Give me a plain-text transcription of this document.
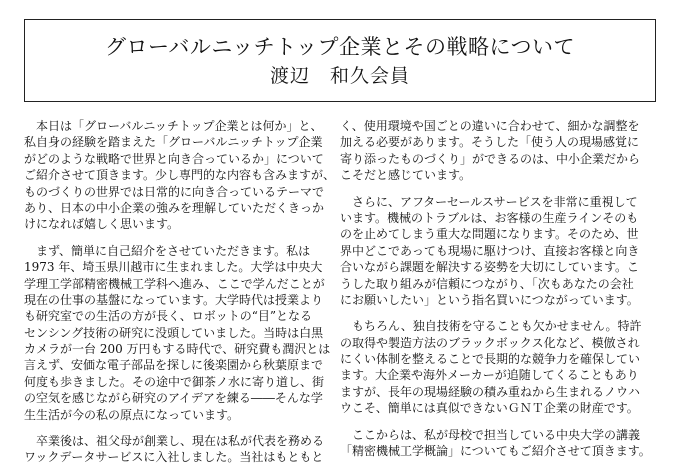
グローバルニッチトップ企業とその戦略について
渡辺　和久会員
　本日は「グローバルニッチトップ企業とは何か」と、
私自身の経験を踏まえた「グローバルニッチトップ企業
がどのような戦略で世界と向き合っているか」について
ご紹介させて頂きます。少し専門的な内容も含みますが、
ものづくりの世界では日常的に向き合っているテーマで
あり、日本の中小企業の強みを理解していただくきっか
けになれば嬉しく思います。
　まず、簡単に自己紹介をさせていただきます。私は
1973 年、埼玉県川越市に生まれました。大学は中央大
学理工学部精密機械工学科へ進み、ここで学んだことが
現在の仕事の基盤になっています。大学時代は授業より
も研究室での生活の方が長く、ロボットの“目”となる
センシング技術の研究に没頭していました。当時は白黒
カメラが一台 200 万円もする時代で、研究費も潤沢とは
言えず、安価な電子部品を探しに後楽園から秋葉原まで
何度も歩きました。その途中で御茶ノ水に寄り道し、街
の空気を感じながら研究のアイデアを練る――そんな学
生生活が今の私の原点になっています。
　卒業後は、祖父母が創業し、現在は私が代表を務める
ワックデータサービスに入社しました。当社はもともと
く、使用環境や国ごとの違いに合わせて、細かな調整を
加える必要があります。そうした「使う人の現場感覚に
寄り添ったものづくり」ができるのは、中小企業だから
こそだと感じています。
　さらに、アフターセールスサービスを非常に重視して
います。機械のトラブルは、お客様の生産ラインそのも
のを止めてしまう重大な問題になります。そのため、世
界中どこであっても現場に駆けつけ、直接お客様と向き
合いながら課題を解決する姿勢を大切にしています。こ
うした取り組みが信頼につながり、「次もあなたの会社
にお願いしたい」という指名買いにつながっています。
　もちろん、独自技術を守ることも欠かせません。特許
の取得や製造方法のブラックボックス化など、模倣され
にくい体制を整えることで長期的な競争力を確保してい
ます。大企業や海外メーカーが追随してくることもあり
ますが、長年の現場経験の積み重ねから生まれるノウハ
ウこそ、簡単には真似できないＧＮＴ企業の財産です。
　ここからは、私が母校で担当している中央大学の講義
「精密機械工学概論」についてもご紹介させて頂きます。
